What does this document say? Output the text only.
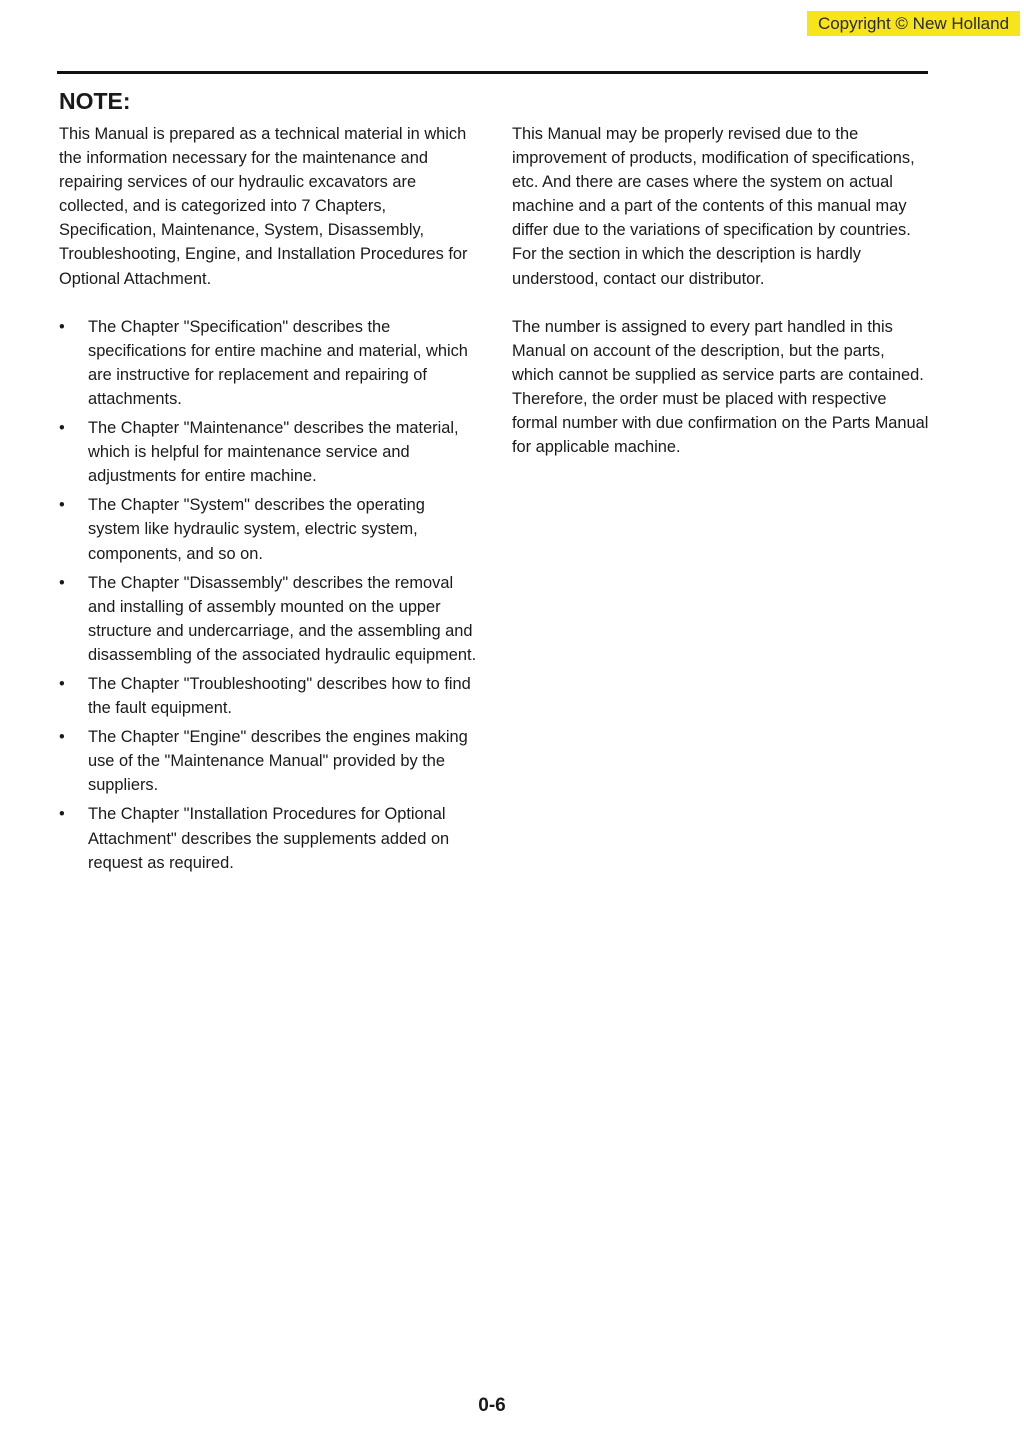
Copyright © New Holland
NOTE:

This Manual is prepared as a technical material in which the information necessary for the maintenance and repairing services of our hydraulic excavators are collected, and is categorized into 7 Chapters, Specification, Maintenance, System, Disassembly, Troubleshooting, Engine, and Installation Procedures for Optional Attachment.

•	The Chapter "Specification" describes the specifications for entire machine and material, which are instructive for replacement and repairing of attachments.
•	The Chapter "Maintenance" describes the material, which is helpful for maintenance service and adjustments for entire machine.
•	The Chapter "System" describes the operating system like hydraulic system, electric system, components, and so on.
•	The Chapter "Disassembly" describes the removal and installing of assembly mounted on the upper structure and undercarriage, and the assembling and disassembling of the associated hydraulic equipment.
•	The Chapter "Troubleshooting" describes how to find the fault equipment.
•	The Chapter "Engine" describes the engines making use of the "Maintenance Manual" provided by the suppliers.
•	The Chapter "Installation Procedures for Optional Attachment" describes the supplements added on request as required.

This Manual may be properly revised due to the improvement of products, modification of specifications, etc. And there are cases where the system on actual machine and a part of the contents of this manual may differ due to the variations of specification by countries. For the section in which the description is hardly understood, contact our distributor.

The number is assigned to every part handled in this Manual on account of the description, but the parts, which cannot be supplied as service parts are contained. Therefore, the order must be placed with respective formal number with due confirmation on the Parts Manual for applicable machine.

0-6
